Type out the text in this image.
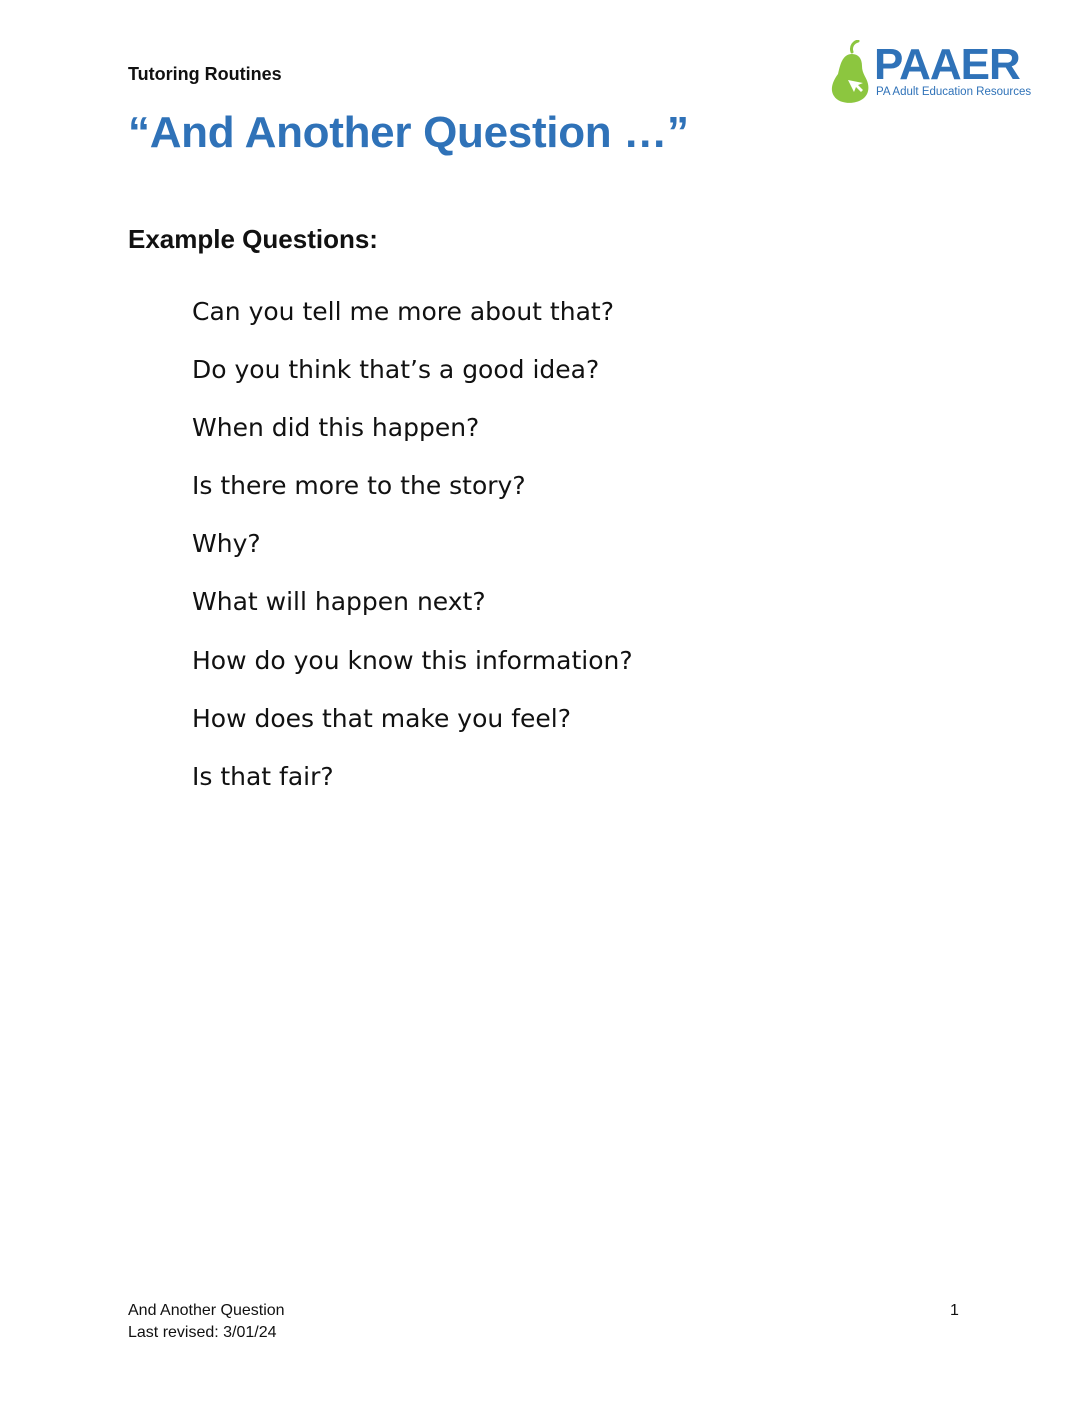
Tutoring Routines	PAAER
PA Adult Education Resources
“And Another Question …”
Example Questions:
Can you tell me more about that?
Do you think that’s a good idea?
When did this happen?
Is there more to the story?
Why?
What will happen next?
How do you know this information?
How does that make you feel?
Is that fair?
And Another Question
Last revised: 3/01/24
1
